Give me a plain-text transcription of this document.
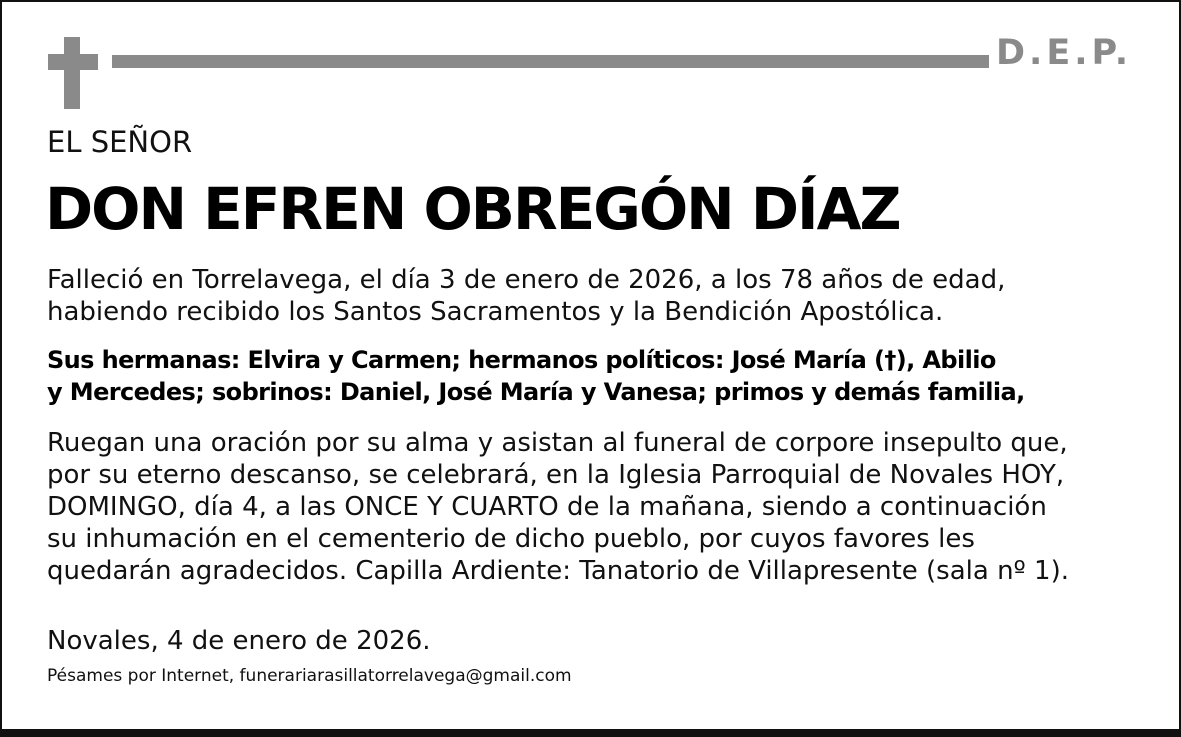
D.E.P.
EL SEÑOR
DON EFREN OBREGÓN DÍAZ
Falleció en Torrelavega, el día 3 de enero de 2026, a los 78 años de edad,
habiendo recibido los Santos Sacramentos y la Bendición Apostólica.
Sus hermanas: Elvira y Carmen; hermanos políticos: José María (†), Abilio
y Mercedes; sobrinos: Daniel, José María y Vanesa; primos y demás familia,
Ruegan una oración por su alma y asistan al funeral de corpore insepulto que,
por su eterno descanso, se celebrará, en la Iglesia Parroquial de Novales HOY,
DOMINGO, día 4, a las ONCE Y CUARTO de la mañana, siendo a continuación
su inhumación en el cementerio de dicho pueblo, por cuyos favores les
quedarán agradecidos. Capilla Ardiente: Tanatorio de Villapresente (sala nº 1).
Novales, 4 de enero de 2026.
Pésames por Internet, funerariarasillatorrelavega@gmail.com
